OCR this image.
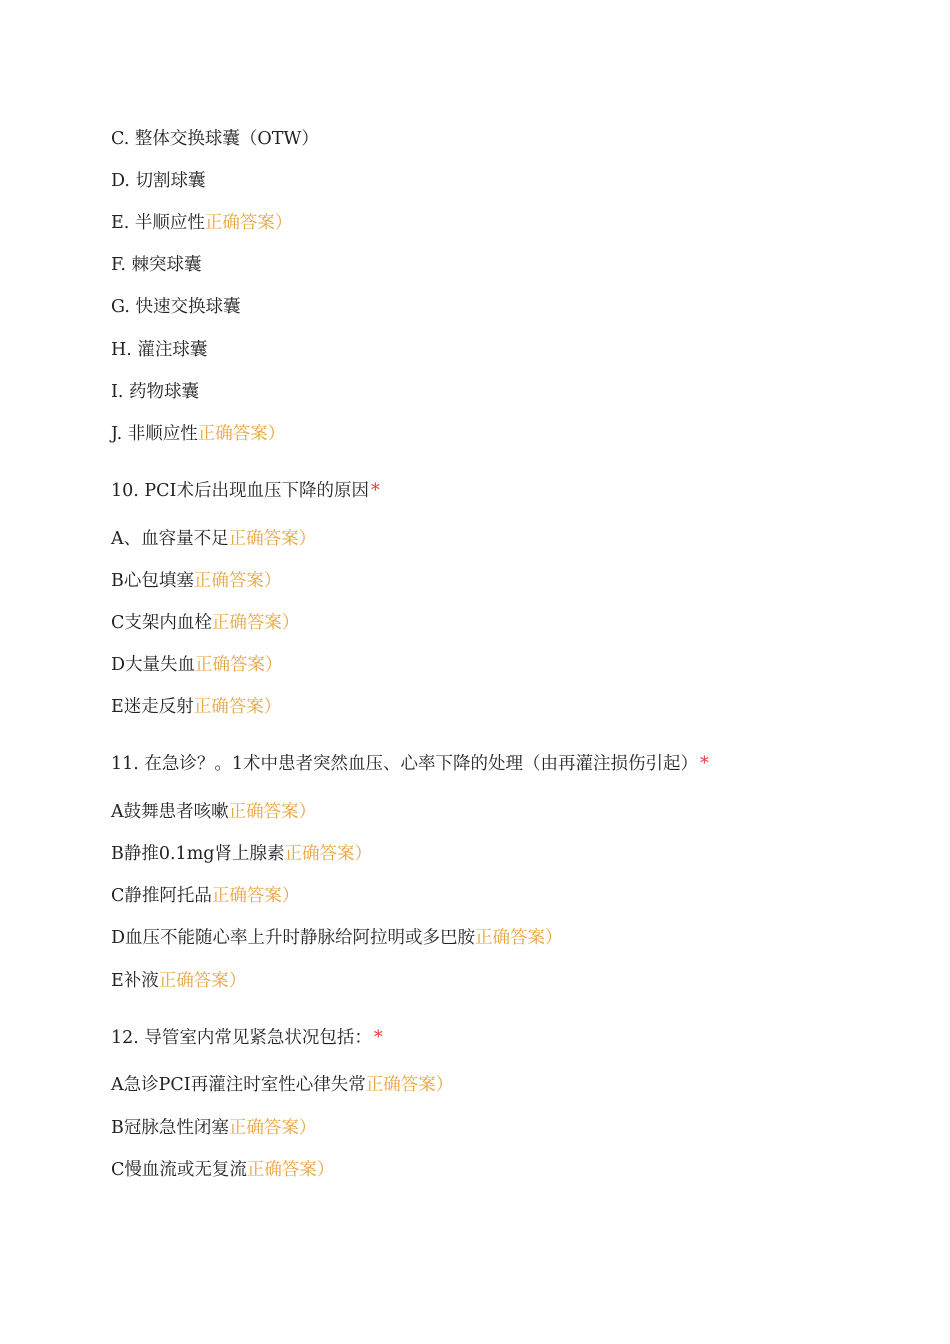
C. 整体交换球囊（OTW）
D. 切割球囊
E. 半顺应性正确答案）
F. 棘突球囊
G. 快速交换球囊
H. 灌注球囊
I. 药物球囊
J. 非顺应性正确答案）
10. PCI术后出现血压下降的原因 *
A、血容量不足正确答案）
B心包填塞正确答案）
C支架内血栓正确答案）
D大量失血正确答案）
E迷走反射正确答案）
11. 在急诊？。1术中患者突然血压、心率下降的处理（由再灌注损伤引起） *
A鼓舞患者咳嗽正确答案）
B静推0.1mg肾上腺素正确答案）
C静推阿托品正确答案）
D血压不能随心率上升时静脉给阿拉明或多巴胺正确答案）
E补液正确答案）
12. 导管室内常见紧急状况包括： *
A急诊PCI再灌注时室性心律失常正确答案）
B冠脉急性闭塞正确答案）
C慢血流或无复流正确答案）
